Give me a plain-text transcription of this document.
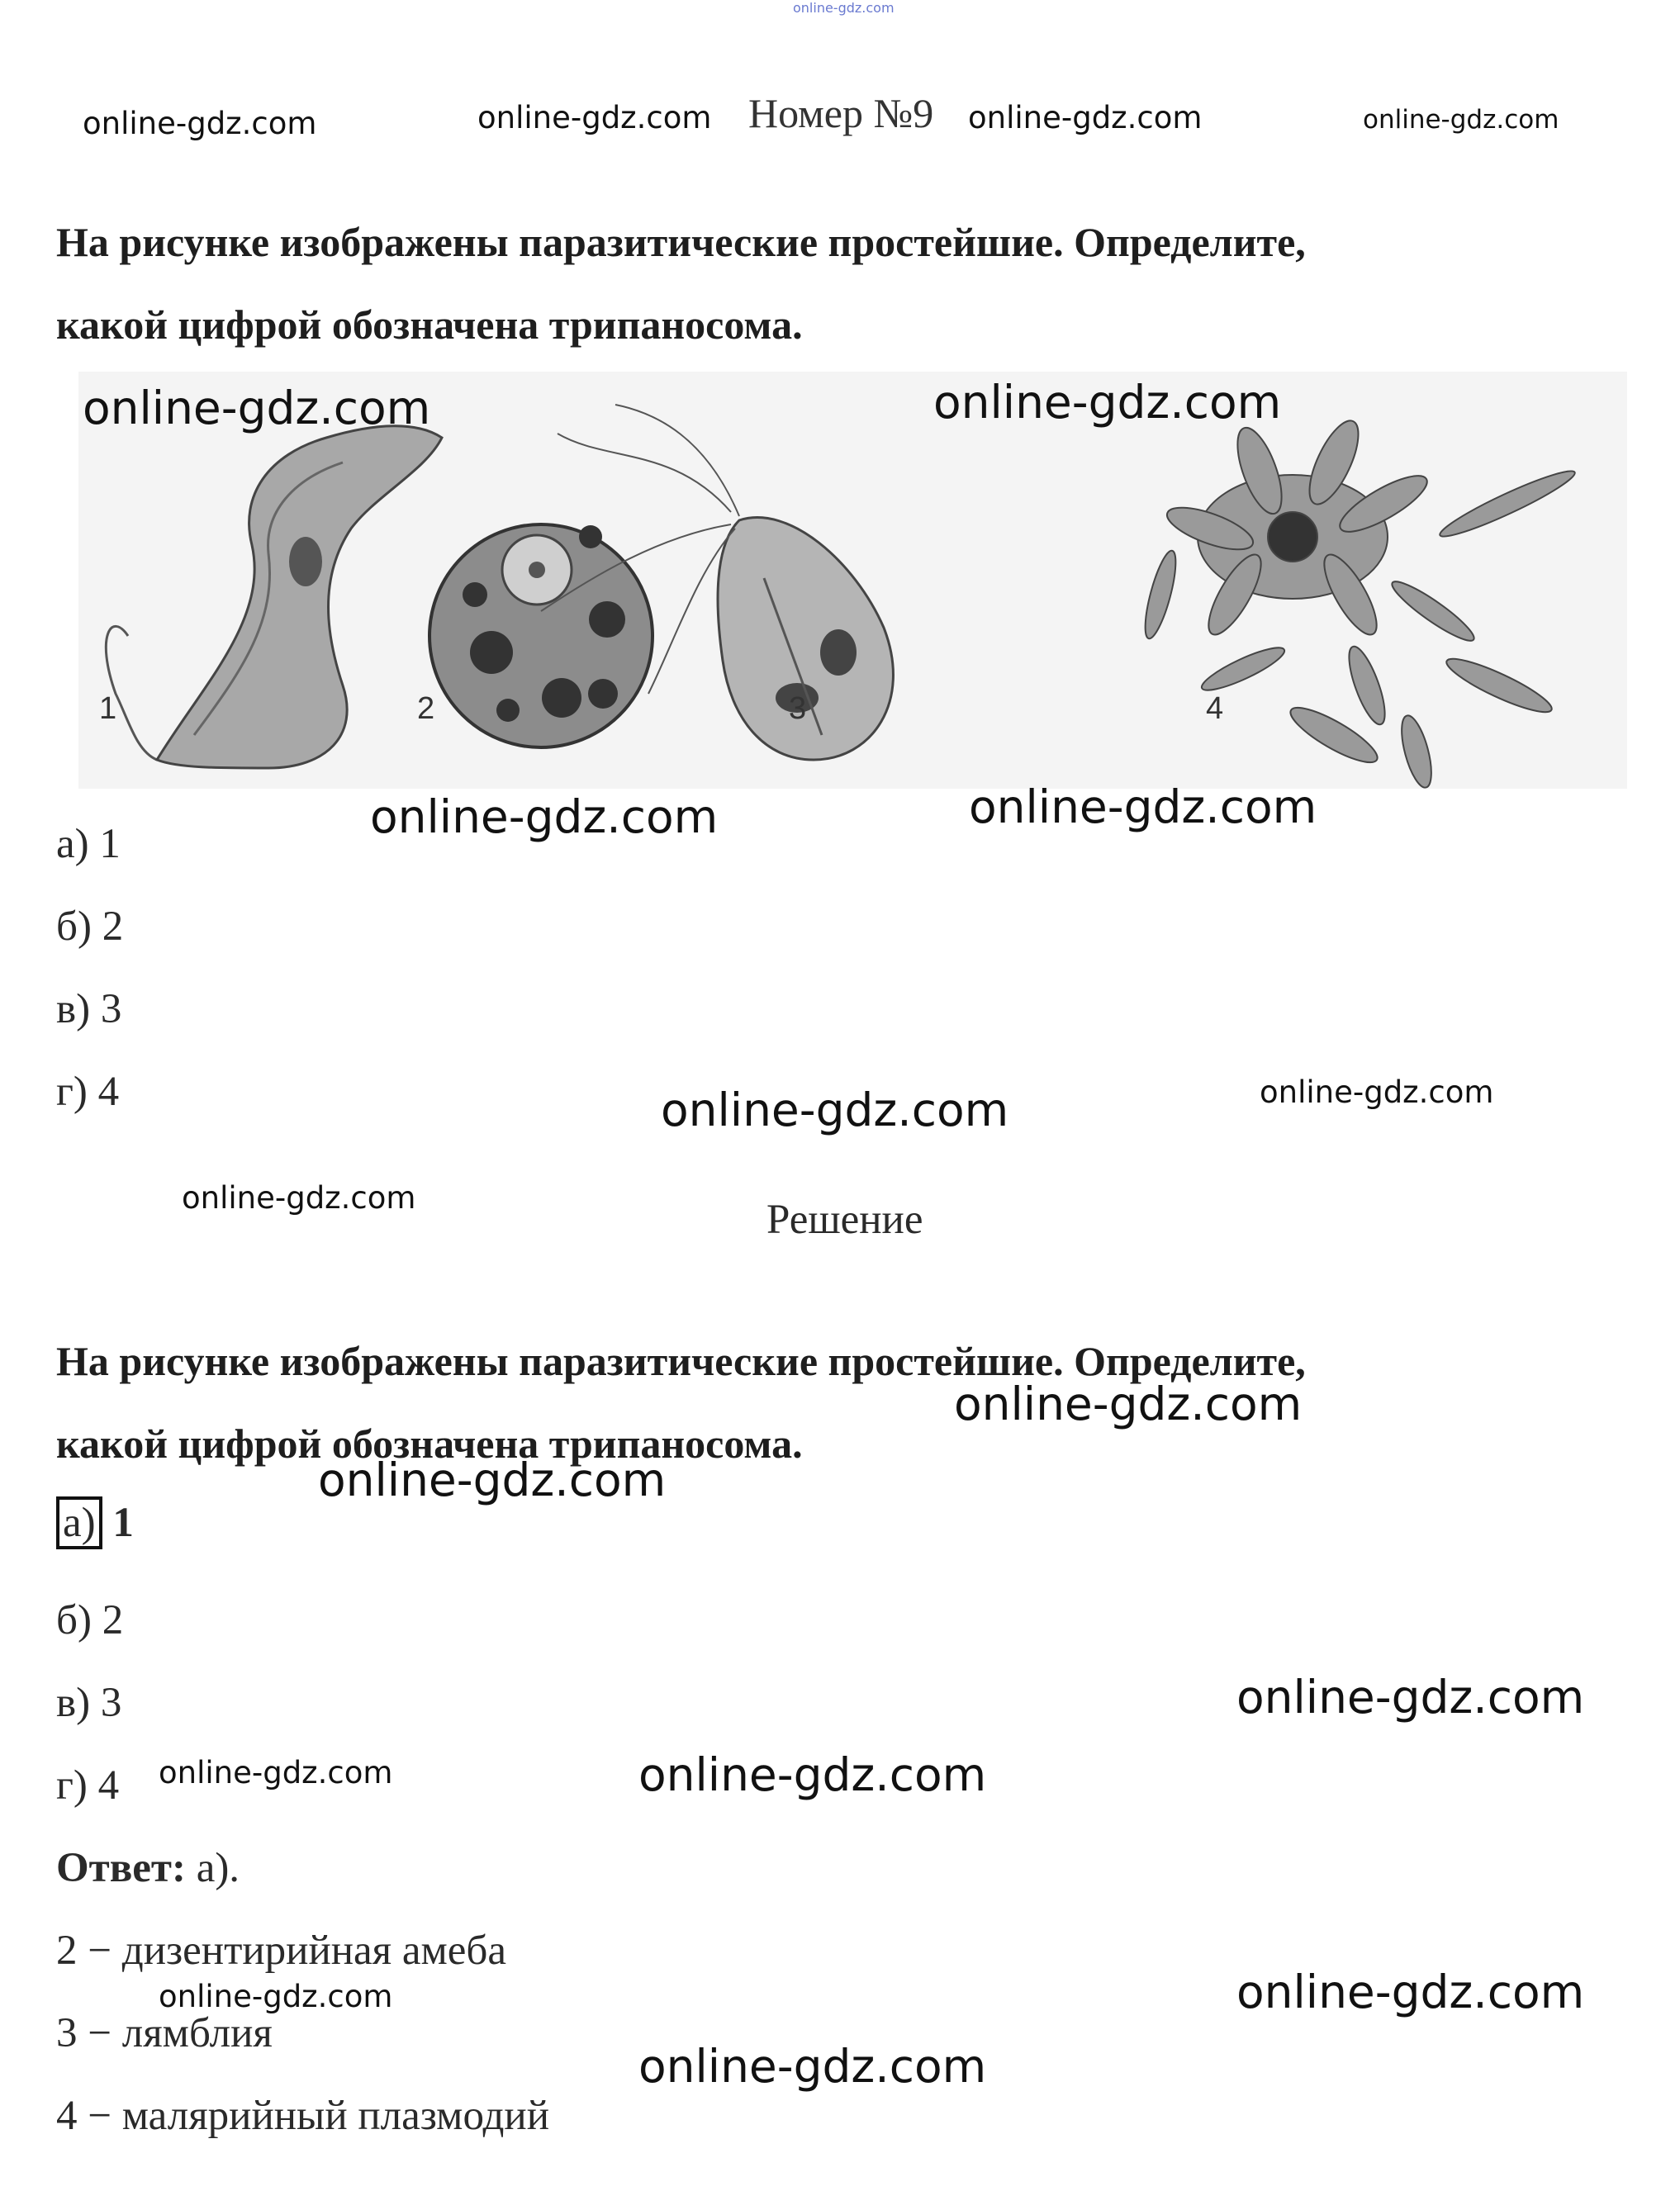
online-gdz.com
online-gdz.com	online-gdz.com Номер №9 online-gdz.com	online-gdz.com
На рисунке изображены паразитические простейшие. Определите,
какой цифрой обозначена трипаносома.
1	2	3	4
online-gdz.com	online-gdz.com
online-gdz.com	online-gdz.com
а) 1
б) 2
в) 3
г) 4	online-gdz.com	online-gdz.com
online-gdz.com	Решение
На рисунке изображены паразитические простейшие. Определите,
какой цифрой обозначена трипаносома.
online-gdz.com
online-gdz.com
а) 1
б) 2
в) 3
г) 4
online-gdz.com
online-gdz.com	online-gdz.com
Ответ: а).
2 − дизентирийная амеба
online-gdz.com	online-gdz.com
3 − лямблия
online-gdz.com
4 − малярийный плазмодий
